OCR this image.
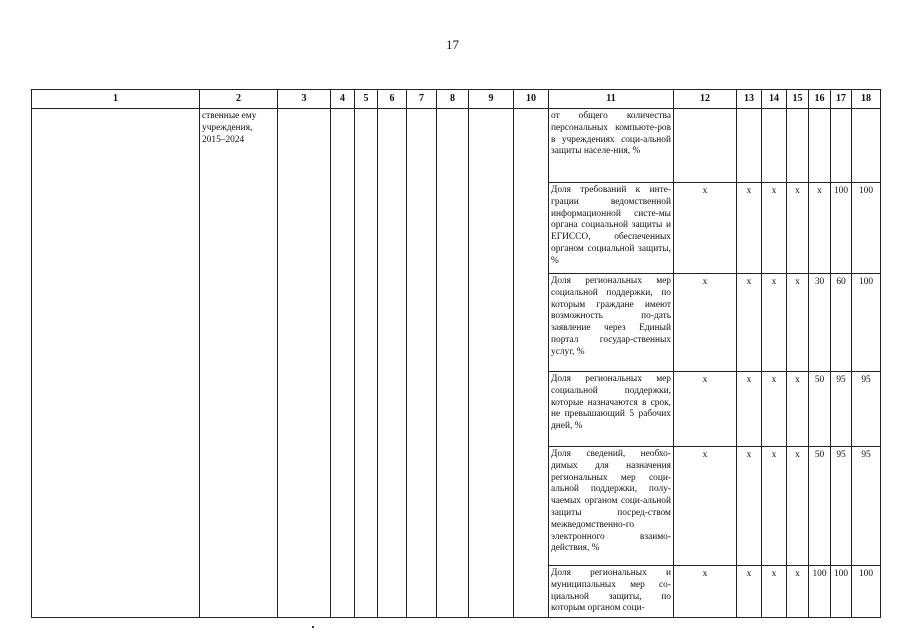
17
1	2	3	4	5	6	7	8	9	10	11	12	13	14	15	16	17	18
	ственные ему учреждения, 2015–2024									от общего количества персональных компьюте-ров в учреждениях соци-альной защиты населе-ния, %							
										Доля требований к инте-грации ведомственной информационной систе-мы органа социальной защиты и ЕГИССО, обеспеченных органом социальной защиты, %	x	x	x	x	x	100	100
										Доля региональных мер социальной поддержки, по которым граждане имеют возможность по-дать заявление через Единый портал государ-ственных услуг, %	x	x	x	x	30	60	100
										Доля региональных мер социальной поддержки, которые назначаются в срок, не превышающий 5 рабочих дней, %	x	x	x	x	50	95	95
										Доля сведений, необхо-димых для назначения региональных мер соци-альной поддержки, полу-чаемых органом соци-альной защиты посред-ством межведомственно-го электронного взаимо-действия, %	x	x	x	x	50	95	95
										Доля региональных и муниципальных мер со-циальной защиты, по которым органом соци-	x	x	x	x	100	100	100
